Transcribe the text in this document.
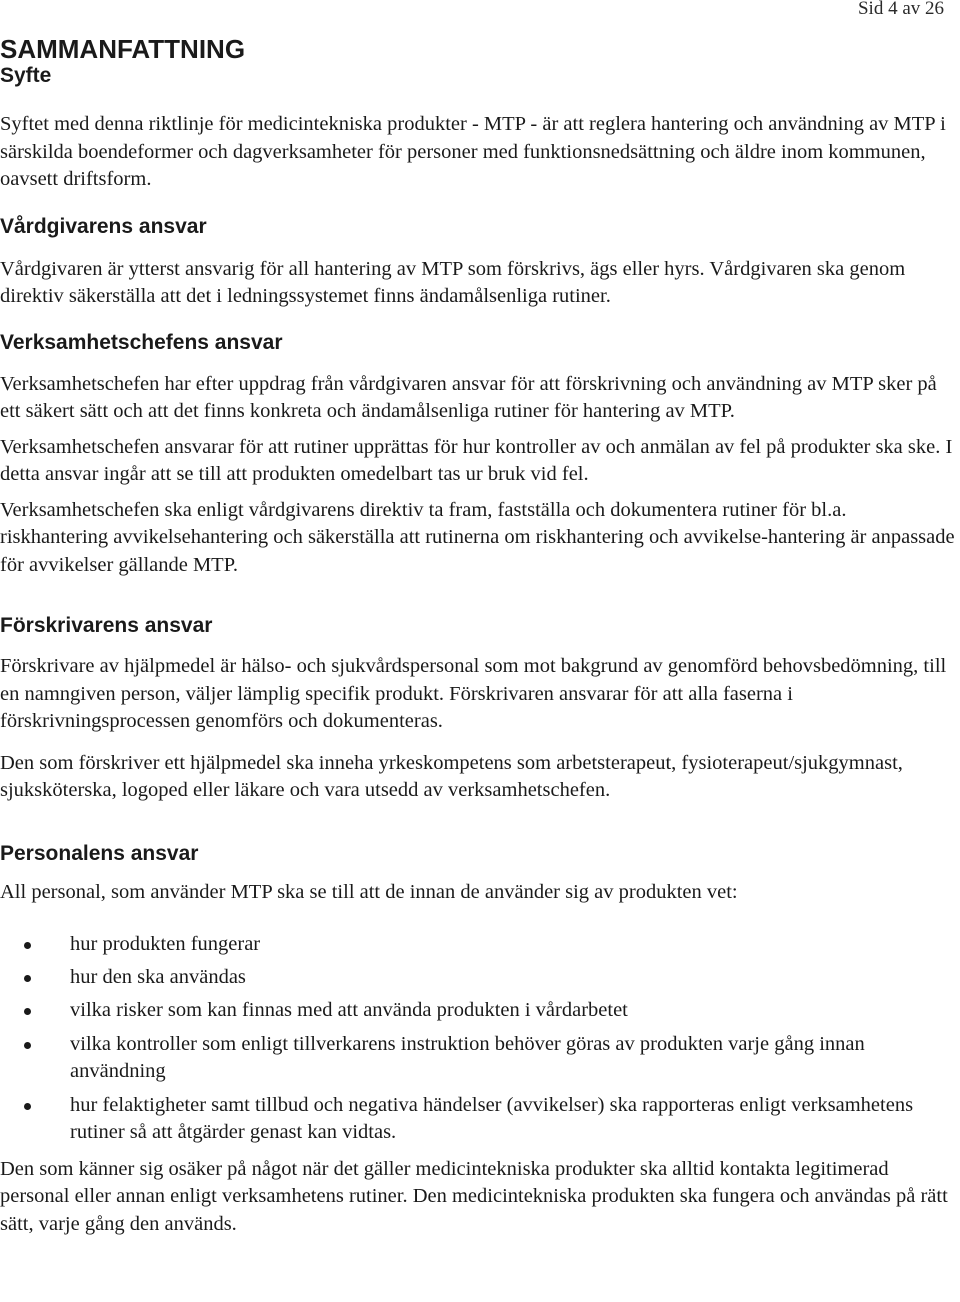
Sid 4 av 26
SAMMANFATTNING
Syfte

Syftet med denna riktlinje för medicintekniska produkter - MTP - är att reglera hantering och användning av MTP i särskilda boendeformer och dagverksamheter för personer med funktionsnedsättning och äldre inom kommunen, oavsett driftsform.

Vårdgivarens ansvar

Vårdgivaren är ytterst ansvarig för all hantering av MTP som förskrivs, ägs eller hyrs. Vårdgivaren ska genom direktiv säkerställa att det i ledningssystemet finns ändamålsenliga rutiner.

Verksamhetschefens ansvar

Verksamhetschefen har efter uppdrag från vårdgivaren ansvar för att förskrivning och användning av MTP sker på ett säkert sätt och att det finns konkreta och ändamålsenliga rutiner för hantering av MTP.

Verksamhetschefen ansvarar för att rutiner upprättas för hur kontroller av och anmälan av fel på produkter ska ske. I detta ansvar ingår att se till att produkten omedelbart tas ur bruk vid fel.

Verksamhetschefen ska enligt vårdgivarens direktiv ta fram, fastställa och dokumentera rutiner för bl.a. riskhantering avvikelsehantering och säkerställa att rutinerna om riskhantering och avvikelse-hantering är anpassade för avvikelser gällande MTP.

Förskrivarens ansvar

Förskrivare av hjälpmedel är hälso- och sjukvårdspersonal som mot bakgrund av genomförd behovsbedömning, till en namngiven person, väljer lämplig specifik produkt. Förskrivaren ansvarar för att alla faserna i förskrivningsprocessen genomförs och dokumenteras.

Den som förskriver ett hjälpmedel ska inneha yrkeskompetens som arbetsterapeut, fysioterapeut/sjukgymnast, sjuksköterska, logoped eller läkare och vara utsedd av verksamhetschefen.

Personalens ansvar

All personal, som använder MTP ska se till att de innan de använder sig av produkten vet:

hur produkten fungerar
hur den ska användas
vilka risker som kan finnas med att använda produkten i vårdarbetet
vilka kontroller som enligt tillverkarens instruktion behöver göras av produkten varje gång innan användning
hur felaktigheter samt tillbud och negativa händelser (avvikelser) ska rapporteras enligt verksamhetens rutiner så att åtgärder genast kan vidtas.

Den som känner sig osäker på något när det gäller medicintekniska produkter ska alltid kontakta legitimerad personal eller annan enligt verksamhetens rutiner. Den medicintekniska produkten ska fungera och användas på rätt sätt, varje gång den används.
